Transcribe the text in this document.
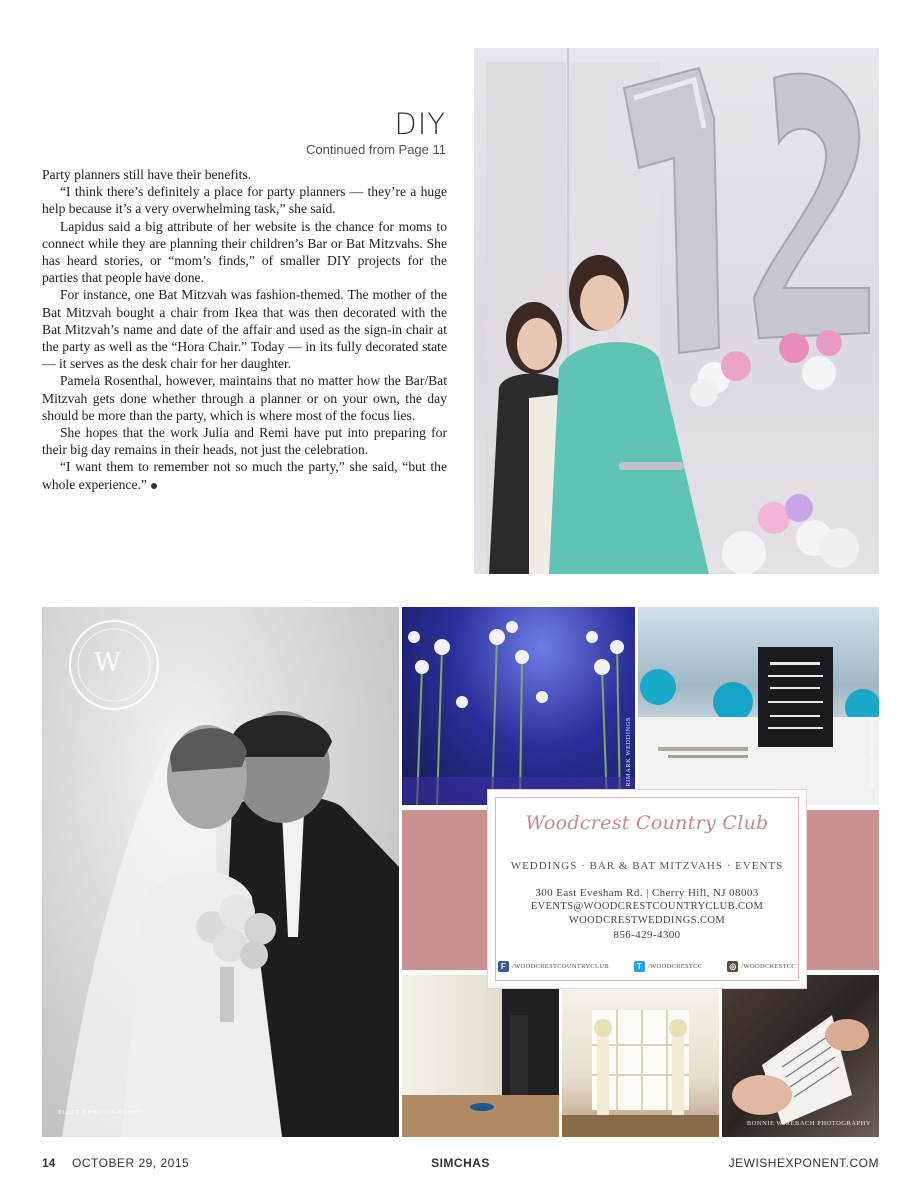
DIY
Continued from Page 11

Party planners still have their benefits.

“I think there’s definitely a place for party planners — they’re a huge help because it’s a very overwhelming task,” she said.

Lapidus said a big attribute of her website is the chance for moms to connect while they are planning their children’s Bar or Bat Mitzvahs. She has heard stories, or “mom’s finds,” of smaller DIY projects for the parties that people have done.

For instance, one Bat Mitzvah was fashion-themed. The mother of the Bat Mitzvah bought a chair from Ikea that was then decorated with the Bat Mitzvah’s name and date of the affair and used as the sign-in chair at the party as well as the “Hora Chair.” Today — in its fully decorated state — it serves as the desk chair for her daughter.

Pamela Rosenthal, however, maintains that no matter how the Bar/Bat Mitzvah gets done whether through a planner or on your own, the day should be more than the party, which is where most of the focus lies.

She hopes that the work Julia and Remi have put into preparing for their big day remains in their heads, not just the celebration.

“I want them to remember not so much the party,” she said, “but the whole experience.”

W
PLATE 3 PHOTOGRAPHY
RIMARK WEDDINGS	RIMARK WEDDINGS
BONNIE WIREBACH PHOTOGRAPHY
Woodcrest Country Club
WEDDINGS · BAR & BAT MITZVAHS · EVENTS
300 East Evesham Rd. | Cherry Hill, NJ 08003
EVENTS@WOODCRESTCOUNTRYCLUB.COM
WOODCRESTWEDDINGS.COM
856-429-4300
F /WOODCRESTCOUNTRYCLUB	T /WOODCRESTCC	◎ /WOODCRESTCC
14 OCTOBER 29, 2015	SIMCHAS	JEWISHEXPONENT.COM
